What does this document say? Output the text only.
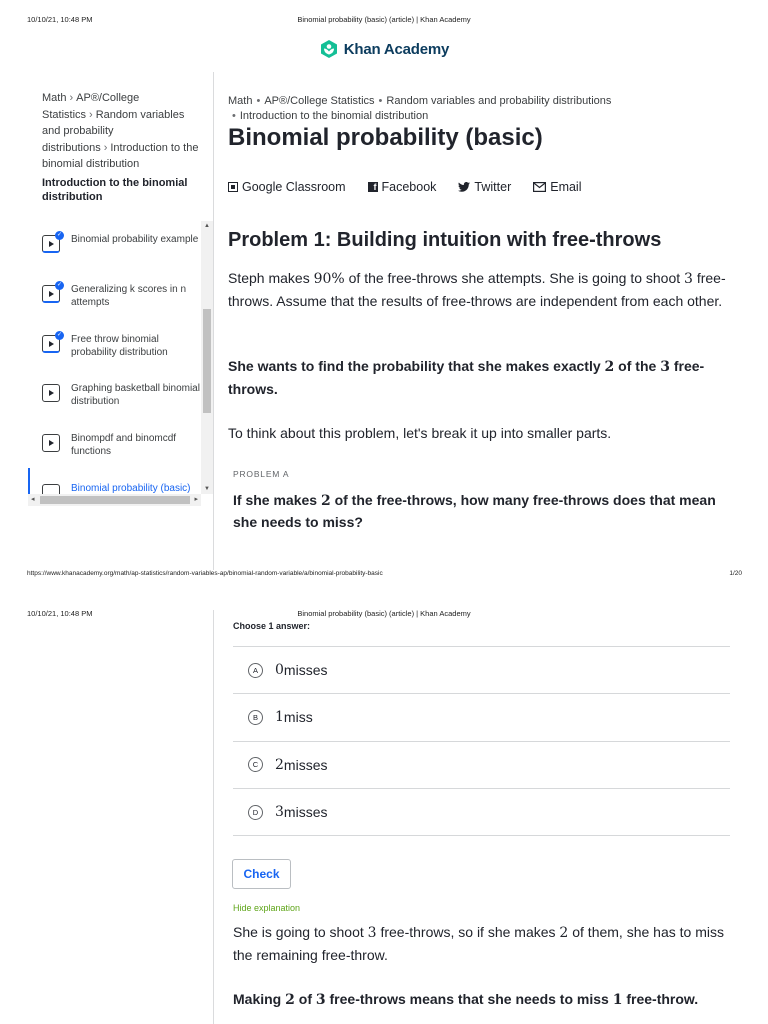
10/10/21, 10:48 PM	Binomial probability (basic) (article) | Khan Academy
Khan Academy
Math › AP®︎/College Statistics › Random variables and probability distributions › Introduction to the binomial distribution
Introduction to the binomial distribution
✓ Binomial probability example
✓ Generalizing k scores in n attempts
✓ Free throw binomial probability distribution
Graphing basketball binomial distribution
Binompdf and binomcdf functions
Binomial probability (basic)
▲
▼
◂	▸
Math • AP®︎/College Statistics • Random variables and probability distributions
• Introduction to the binomial distribution
Binomial probability (basic)
Google Classroom	f Facebook	Twitter	Email
Problem 1: Building intuition with free-throws

Steph makes 90% of the free-throws she attempts. She is going to shoot 3 free-throws. Assume that the results of free-throws are independent from each other.

She wants to find the probability that she makes exactly 2 of the 3 free-throws.

To think about this problem, let's break it up into smaller parts.

PROBLEM A

If she makes 2 of the free-throws, how many free-throws does that mean she needs to miss?

https://www.khanacademy.org/math/ap-statistics/random-variables-ap/binomial-random-variable/a/binomial-probability-basic	1/20
10/10/21, 10:48 PM	Binomial probability (basic) (article) | Khan Academy
Choose 1 answer:
A	0 misses
B	1 miss
C	2 misses
D	3 misses
Check
Hide explanation

She is going to shoot 3 free-throws, so if she makes 2 of them, she has to miss the remaining free-throw.

Making 2 of 3 free-throws means that she needs to miss 1 free-throw.
